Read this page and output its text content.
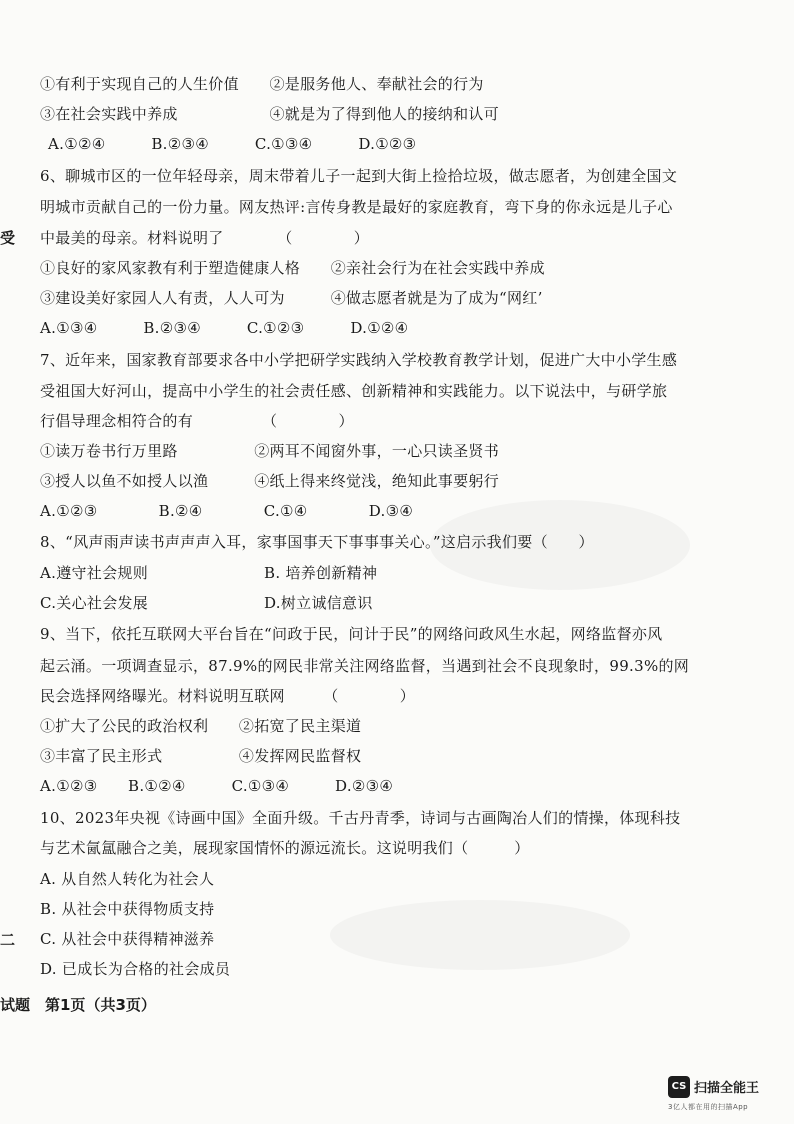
受
二
①有利于实现自己的人生价值　　②是服务他人、奉献社会的行为
③在社会实践中养成　　　　　　④就是为了得到他人的接纳和认可
A.①②④　　　B.②③④　　　C.①③④　　　D.①②③
6、聊城市区的一位年轻母亲，周末带着儿子一起到大街上捡拾垃圾，做志愿者，为创建全国文
明城市贡献自己的一份力量。网友热评:言传身教是最好的家庭教育，弯下身的你永远是儿子心
中最美的母亲。材料说明了　　　　（　　　　）
①良好的家风家教有利于塑造健康人格　　②亲社会行为在社会实践中养成
③建设美好家园人人有责，人人可为　　　④做志愿者就是为了成为“网红’
A.①③④　　　B.②③④　　　C.①②③　　　D.①②④
7、近年来，国家教育部要求各中小学把研学实践纳入学校教育教学计划，促进广大中小学生感
受祖国大好河山，提高中小学生的社会责任感、创新精神和实践能力。以下说法中，与研学旅
行倡导理念相符合的有　　　　　（　　　　）
①读万卷书行万里路　　　　　②两耳不闻窗外事，一心只读圣贤书
③授人以鱼不如授人以渔　　　④纸上得来终觉浅，绝知此事要躬行
A.①②③　　　　B.②④　　　　C.①④　　　　D.③④
8、“风声雨声读书声声声入耳，家事国事天下事事事关心。”这启示我们要（　　）
A.遵守社会规则	B. 培养创新精神
C.关心社会发展	D.树立诚信意识
9、当下，依托互联网大平台旨在“问政于民，问计于民”的网络问政风生水起，网络监督亦风
起云涌。一项调查显示，87.9%的网民非常关注网络监督，当遇到社会不良现象时，99.3%的网
民会选择网络曝光。材料说明互联网　　　（　　　　）
①扩大了公民的政治权利　　②拓宽了民主渠道
③丰富了民主形式　　　　　④发挥网民监督权
A.①②③　　B.①②④　　　C.①③④　　　D.②③④
10、2023年央视《诗画中国》全面升级。千古丹青季，诗词与古画陶冶人们的情操，体现科技
与艺术氤氲融合之美，展现家国情怀的源远流长。这说明我们（　　　）
A. 从自然人转化为社会人
B. 从社会中获得物质支持
C. 从社会中获得精神滋养
D. 已成长为合格的社会成员
试题　第1页（共3页）
CS 扫描全能王
3亿人都在用的扫描App
